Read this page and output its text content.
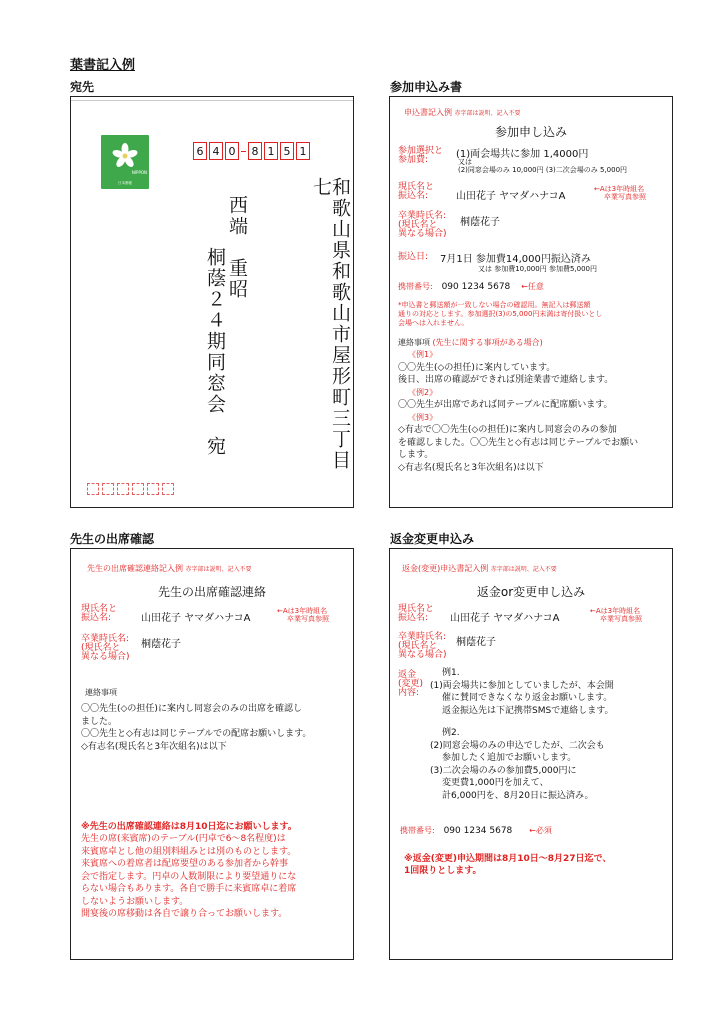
葉書記入例
宛先	参加申込み書
先生の出席確認	返金変更申込み
NIPPON
日本郵便
6 4 0	8 1 5 1
和歌山県和歌山市屋形町三丁目七
西端　重昭
桐蔭２４期同窓会　宛
申込書記入例 赤字部は説明、記入不要
参加申し込み
参加選択と
参加費:	(1)両会場共に参加 1,4000円
又は
(2)同窓会場のみ 10,000円 (3)二次会場のみ 5,000円
現氏名と
振込名:	山田花子 ヤマダハナコA
←Aは3年時組名
卒業写真参照
卒業時氏名:
(現氏名と
異なる場合)
桐蔭花子
振込日: 7月1日 参加費14,000円振込済み
又は 参加費10,000円 参加費5,000円
携帯番号: 090 1234 5678 ←任意
*申込書と郵送額が一致しない場合の確認用。無記入は郵送額
通りの対応とします。参加選択(3)の5,000円未満は寄付扱いとし
会場へは入れません。
連絡事項 (先生に関する事項がある場合)
《例1》
〇〇先生(◇の担任)に案内しています。
後日、出席の確認ができれば別途業書で連絡します。
《例2》
〇〇先生が出席であれば同テーブルに配席願います。
《例3》
◇有志で〇〇先生(◇の担任)に案内し同窓会のみの参加
を確認しました。〇〇先生と◇有志は同じテーブルでお願い
します。
◇有志名(現氏名と3年次組名)は以下
先生の出席確認連絡記入例 赤字部は説明、記入不要
先生の出席確認連絡
現氏名と
振込名:	山田花子 ヤマダハナコA
←Aは3年時組名
卒業写真参照
卒業時氏名:
(現氏名と
異なる場合)
桐蔭花子
連絡事項
〇〇先生(◇の担任)に案内し同窓会のみの出席を確認し
ました。
〇〇先生と◇有志は同じテーブルでの配席お願いします。
◇有志名(現氏名と3年次組名)は以下
※先生の出席確認連絡は8月10日迄にお願いします。
先生の席(来賓席)のテーブル(円卓で6～8名程度)は
来賓席卓とし他の組別料組みとは別のものとします。
来賓席への着席者は配席要望のある参加者から幹事
会で指定します。円卓の人数制限により要望通りにな
らない場合もあります。各自で勝手に来賓席卓に着席
しないようお願いします。
開宴後の席移動は各自で譲り合ってお願いします。
返金(変更)申込書記入例 赤字部は説明、記入不要
返金or変更申し込み
現氏名と
振込名:	山田花子 ヤマダハナコA
←Aは3年時組名
卒業写真参照
卒業時氏名:
(現氏名と
異なる場合)
桐蔭花子
返金
(変更)
内容:
例1.
(1)両会場共に参加としていましたが、本会開
催に賛同できなくなり返金お願いします。
返金振込先は下記携帯SMSで連絡します。
例2.
(2)同窓会場のみの申込でしたが、二次会も
参加したく追加でお願いします。
(3)二次会場のみの参加費5,000円に
変更費1,000円を加えて、
計6,000円を、8月20日に振込済み。
携帯番号: 090 1234 5678 ←必須
※返金(変更)申込期間は8月10日～8月27日迄で、
1回限りとします。
